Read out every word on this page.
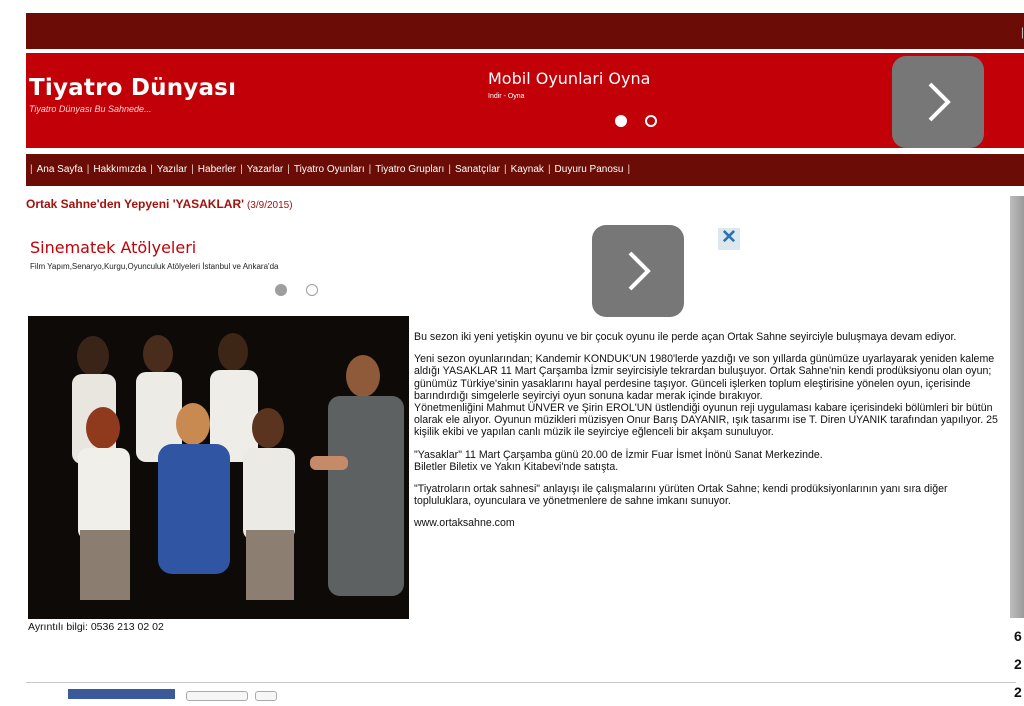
|
Tiyatro Dünyası
Tiyatro Dünyası Bu Sahnede...
Mobil Oyunlari Oyna
Indir - Oyna
| Ana Sayfa | Hakkımızda | Yazılar | Haberler | Yazarlar | Tiyatro Oyunları | Tiyatro Grupları | Sanatçılar | Kaynak | Duyuru Panosu |
Ortak Sahne'den Yepyeni 'YASAKLAR' (3/9/2015)
Sinematek Atölyeleri
Film Yapım,Senaryo,Kurgu,Oyunculuk Atölyeleri İstanbul ve Ankara'da
✕

Bu sezon iki yeni yetişkin oyunu ve bir çocuk oyunu ile perde açan Ortak Sahne seyirciyle buluşmaya devam ediyor.

Yeni sezon oyunlarından; Kandemir KONDUK'UN 1980'lerde yazdığı ve son yıllarda günümüze uyarlayarak yeniden kaleme aldığı YASAKLAR 11 Mart Çarşamba İzmir seyircisiyle tekrardan buluşuyor. Ortak Sahne'nin kendi prodüksiyonu olan oyun; günümüz Türkiye'sinin yasaklarını hayal perdesine taşıyor. Günceli işlerken toplum eleştirisine yönelen oyun, içerisinde barındırdığı simgelerle seyirciyi oyun sonuna kadar merak içinde bırakıyor.

Yönetmenliğini Mahmut ÜNVER ve Şirin EROL'UN üstlendiği oyunun reji uygulaması kabare içerisindeki bölümleri bir bütün olarak ele alıyor. Oyunun müzikleri müzisyen Onur Barış DAYANIR, ışık tasarımı ise T. Diren UYANIK tarafından yapılıyor. 25 kişilik ekibi ve yapılan canlı müzik ile seyirciye eğlenceli bir akşam sunuluyor.

"Yasaklar" 11 Mart Çarşamba günü 20.00 de İzmir Fuar İsmet İnönü Sanat Merkezinde.

Biletler Biletix ve Yakın Kitabevi'nde satışta.

"Tiyatroların ortak sahnesi" anlayışı ile çalışmalarını yürüten Ortak Sahne; kendi prodüksiyonlarının yanı sıra diğer topluluklara, oyunculara ve yönetmenlere de sahne imkanı sunuyor.

www.ortaksahne.com

Ayrıntılı bilgi: 0536 213 02 02
6
2
2
